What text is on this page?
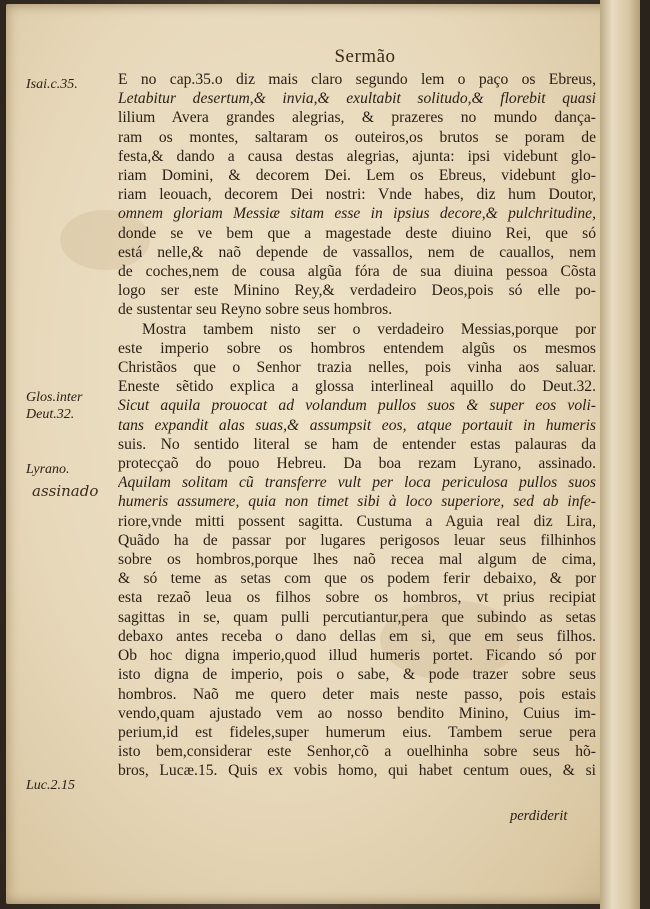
Sermão
Isai.c.35.
Glos.inter
Deut.32.
Lyrano.
assinado
Luc.2.15
E no cap.35.o diz mais claro segundo lem o paço os Ebreus,
Letabitur desertum,& invia,& exultabit solitudo,& florebit quasi
lilium Avera grandes alegrias, & prazeres no mundo dança-
ram os montes, saltaram os outeiros,os brutos se poram de
festa,& dando a causa destas alegrias, ajunta: ipsi videbunt glo-
riam Domini, & decorem Dei. Lem os Ebreus, videbunt glo-
riam leouach, decorem Dei nostri: Vnde habes, diz hum Doutor,
omnem gloriam Messiæ sitam esse in ipsius decore,& pulchritudine,
donde se ve bem que a magestade deste diuino Rei, que só
está nelle,& naõ depende de vassallos, nem de cauallos, nem
de coches,nem de cousa algũa fóra de sua diuina pessoa Cõsta
logo ser este Minino Rey,& verdadeiro Deos,pois só elle po-
de sustentar seu Reyno sobre seus hombros.
Mostra tambem nisto ser o verdadeiro Messias,porque por
este imperio sobre os hombros entendem algũs os mesmos
Christãos que o Senhor trazia nelles, pois vinha aos saluar.
Eneste sẽtido explica a glossa interlineal aquillo do Deut.32.
Sicut aquila prouocat ad volandum pullos suos & super eos voli-
tans expandit alas suas,& assumpsit eos, atque portauit in humeris
suis. No sentido literal se ham de entender estas palauras da
protecçaõ do pouo Hebreu. Da boa rezam Lyrano, assinado.
Aquilam solitam cũ transferre vult per loca periculosa pullos suos
humeris assumere, quia non timet sibi à loco superiore, sed ab infe-
riore,vnde mitti possent sagitta. Custuma a Aguia real diz Lira,
Quãdo ha de passar por lugares perigosos leuar seus filhinhos
sobre os hombros,porque lhes naõ recea mal algum de cima,
& só teme as setas com que os podem ferir debaixo, & por
esta rezaõ leua os filhos sobre os hombros, vt prius recipiat
sagittas in se, quam pulli percutiantur,pera que subindo as setas
debaxo antes receba o dano dellas em si, que em seus filhos.
Ob hoc digna imperio,quod illud humeris portet. Ficando só por
isto digna de imperio, pois o sabe, & pode trazer sobre seus
hombros. Naõ me quero deter mais neste passo, pois estais
vendo,quam ajustado vem ao nosso bendito Minino, Cuius im-
perium,id est fideles,super humerum eius. Tambem serue pera
isto bem,considerar este Senhor,cõ a ouelhinha sobre seus hõ-
bros, Lucæ.15. Quis ex vobis homo, qui habet centum oues, & si
perdiderit
